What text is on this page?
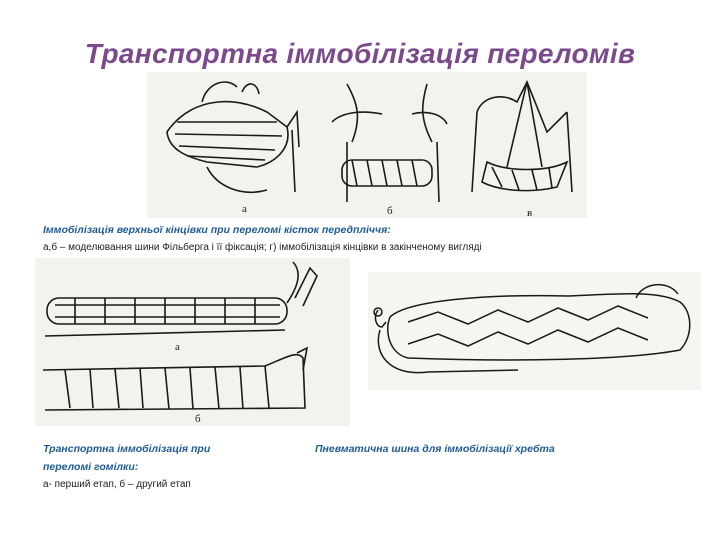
Транспортна іммобілізація переломів
а	б	в
Іммобілізація верхньої кінцівки при переломі кісток передпліччя:
а,б – моделювання шини Фільберга і її фіксація; г) іммобілізація кінцівки в закінченому вигляді
а
б
Транспортна іммобілізація при
переломі гомілки:
а- перший етап, б – другий етап
Пневматична шина для іммобілізації хребта
